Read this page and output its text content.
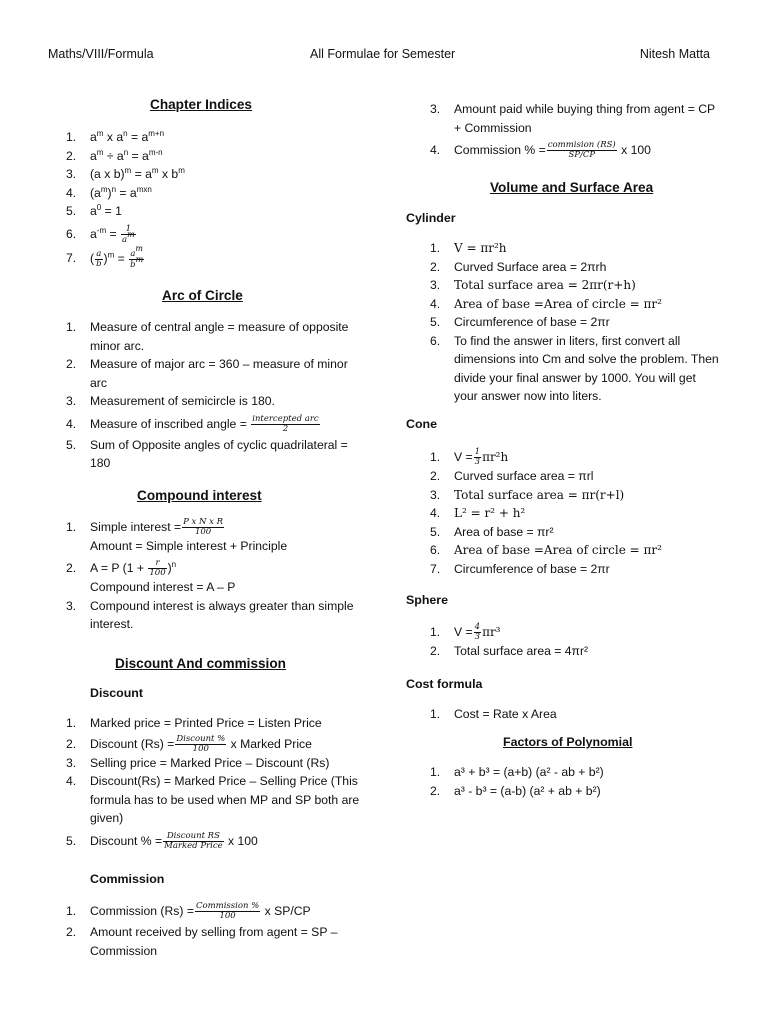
Maths/VIII/Formula	All Formulae for Semester	Nitesh Matta
Chapter Indices
1. $a^m$ x $a^n = a^{m+n}$
2. $a^m \div a^n = a^{m-n}$
3. (a x $b)^m = a^m$ x $b^m$
4. $(a^m)^n = a^{mxn}$
5. $a^0 = 1$
6. $a^{-m} = \frac{1}{a^m}$
7. ( $\frac{a}{b} )^m = \frac{a^m}{b^m}$
Arc of Circle
1. Measure of central angle = measure of opposite minor arc.
2. Measure of major arc = 360 – measure of minor arc
3. Measurement of semicircle is 180.
4. Measure of inscribed angle = $\frac{\text{intercepted arc}}{2}$
5. Sum of Opposite angles of cyclic quadrilateral = 180
Compound interest
1. Simple interest = $\frac{\text{P x N x R}}{100}$

Amount = Simple interest + Principle
2. A = P $(1 + \frac{r}{100} )^n$
Compound interest = A – P
3. Compound interest is always greater than simple interest.
Discount And commission
Discount
1. Marked price = Printed Price = Listen Price
2. Discount $(Rs) = \frac{\text{Discount \%}}{100}$ x Marked Price
3. Selling price = Marked Price – Discount (Rs)
4. Discount(Rs) = Marked Price – Selling Price (This formula has to be used when MP and SP both are given)
5. Discount % = $\frac{\text{Discount RS}}{\text{Marked Price}}$ x 100
Commission
1. Commission $(Rs) = \frac{\text{Commission \%}}{100}$ x SP/CP
2. Amount received by selling from agent = SP – Commission
3. Amount paid while buying thing from agent = CP + Commission
4. Commission % = $\frac{\text{commision (RS)}}{SP/CP}$ x 100
Volume and Surface Area
Cylinder
1. V = πr²h
2. Curved Surface area = 2πrh
3. Total surface area = 2πr(r+h)
4. Area of base =Area of circle = πr²
5. Circumference of base = 2πr
6. To find the answer in liters, first convert all dimensions into Cm and solve the problem. Then divide your final answer by 1000. You will get your answer now into liters.
Cone
1. $V = \frac{1}{3} \pi r^2h$
2. Curved surface area = πrl
3. Total surface area = πr(r+l)
4. L² = r² + h²
5. Area of base = πr²
6. Area of base =Area of circle = πr²
7. Circumference of base = 2πr
Sphere
1. $V = \frac{4}{3} \pi r^3$
2. Total surface area = 4πr²
Cost formula
1. Cost = Rate x Area
Factors of Polynomial
1. a³ + b³ = (a+b) (a² - ab + b²)
2. a³ - b³ = (a-b) (a² + ab + b²)
